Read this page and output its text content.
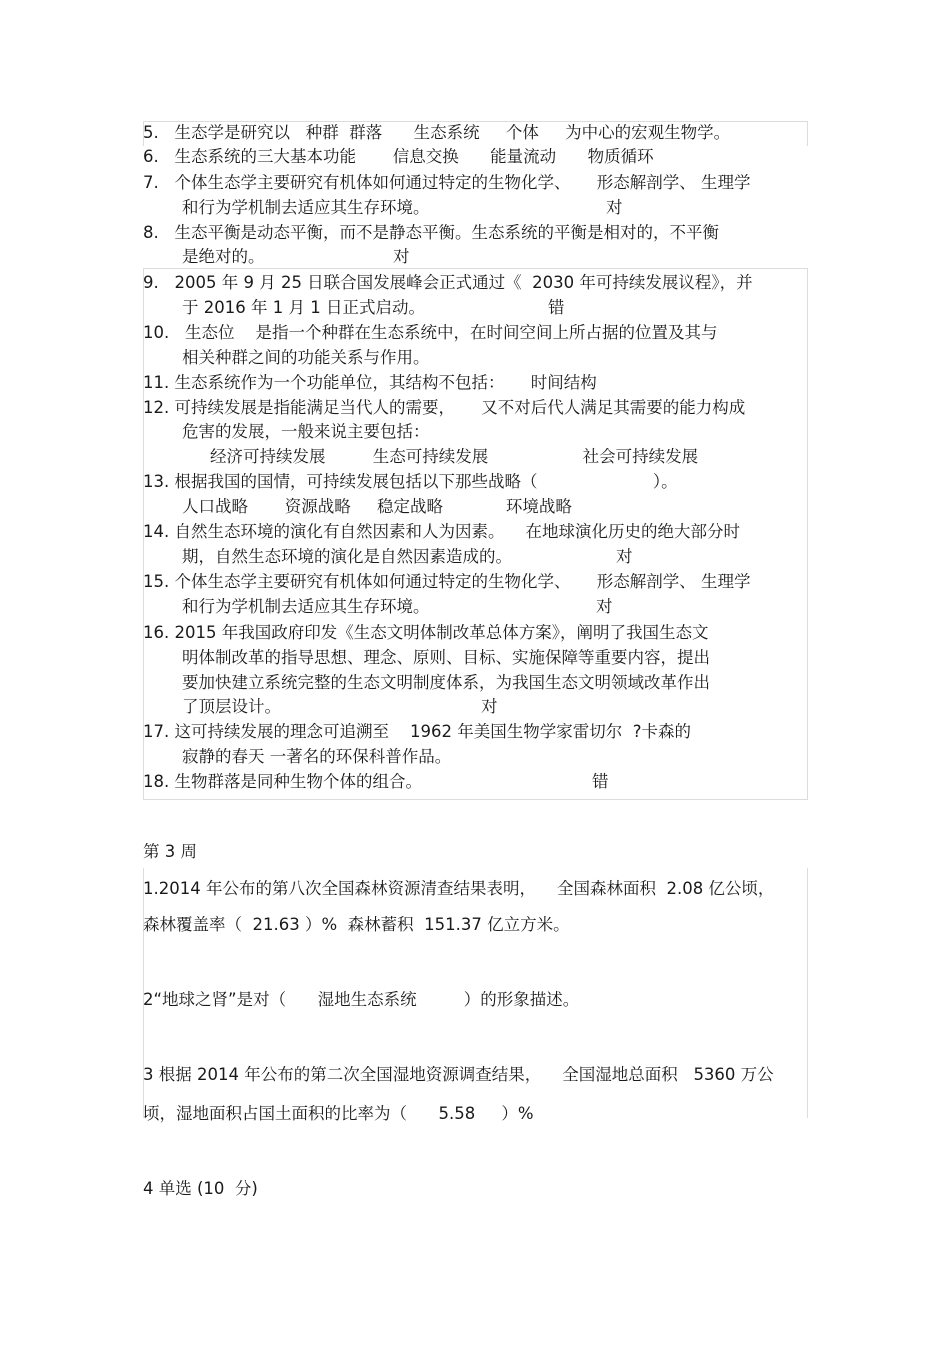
5.   生态学是研究以   种群  群落      生态系统     个体     为中心的宏观生物学。
6.   生态系统的三大基本功能       信息交换      能量流动      物质循环
7.   个体生态学主要研究有机体如何通过特定的生物化学、     形态解剖学、 生理学
和行为学机制去适应其生存环境。	对
8.   生态平衡是动态平衡，而不是静态平衡。生态系统的平衡是相对的，不平衡
是绝对的。	对
9.   2005 年 9 月 25 日联合国发展峰会正式通过《  2030 年可持续发展议程》，并
于 2016 年 1 月 1 日正式启动。	错
10.   生态位    是指一个种群在生态系统中，在时间空间上所占据的位置及其与
相关种群之间的功能关系与作用。
11. 生态系统作为一个功能单位，其结构不包括：     时间结构
12. 可持续发展是指能满足当代人的需要，     又不对后代人满足其需要的能力构成
危害的发展，一般来说主要包括：
经济可持续发展         生态可持续发展                  社会可持续发展
13. 根据我国的国情，可持续发展包括以下那些战略（                      ）。
人口战略       资源战略     稳定战略            环境战略
14. 自然生态环境的演化有自然因素和人为因素。    在地球演化历史的绝大部分时
期，自然生态环境的演化是自然因素造成的。	对
15. 个体生态学主要研究有机体如何通过特定的生物化学、     形态解剖学、 生理学
和行为学机制去适应其生存环境。	对
16. 2015 年我国政府印发《生态文明体制改革总体方案》，阐明了我国生态文
明体制改革的指导思想、理念、原则、目标、实施保障等重要内容，提出
要加快建立系统完整的生态文明制度体系，为我国生态文明领域改革作出
了顶层设计。	对
17. 这可持续发展的理念可追溯至    1962 年美国生物学家雷切尔  ?卡森的
寂静的春天 一著名的环保科普作品。
18. 生物群落是同种生物个体的组合。	错
第 3 周
1.2014 年公布的第八次全国森林资源清查结果表明，    全国森林面积  2.08 亿公顷，
森林覆盖率（  21.63 ）%  森林蓄积  151.37 亿立方米。
2“地球之肾”是对（      湿地生态系统         ）的形象描述。
3 根据 2014 年公布的第二次全国湿地资源调查结果，    全国湿地总面积   5360 万公
顷，湿地面积占国土面积的比率为（      5.58     ）%
4 单选 (10  分)
